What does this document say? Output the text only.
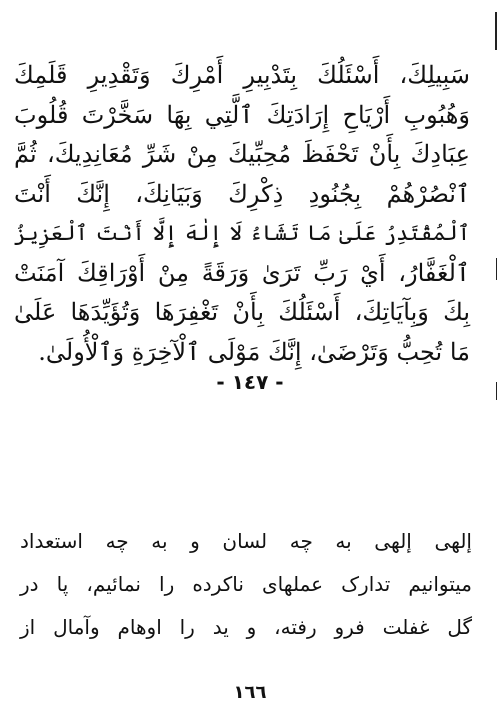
سَبِيلِكَ، أَسْئَلُكَ بِتَدْبِيرِ أَمْرِكَ وَتَقْدِيرِ قَلَمِكَ
وَهُبُوبِ أَرْيَاحِ إِرَادَتِكَ ٱلَّتِي بِهَا سَخَّرْتَ قُلُوبَ
عِبَادِكَ بِأَنْ تَحْفَظَ مُحِبِّيكَ مِنْ شَرِّ مُعَانِدِيكَ، ثُمَّ
ٱنْصُرْهُمْ بِجُنُودِ ذِكْرِكَ وَبَيَانِكَ، إِنَّكَ أَنْتَ
ٱلْمُقْتَدِرُ عَلَىٰ مَا تَشَاءُ لَا إِلٰهَ إِلَّا أَنْتَ ٱلْعَزِيزُ
ٱلْغَفَّارُ، أَيْ رَبِّ تَرَىٰ وَرَقَةً مِنْ أَوْرَاقِكَ آمَنَتْ
بِكَ وَبِآيَاتِكَ، أَسْئَلُكَ بِأَنْ تَغْفِرَهَا وَتُؤَيِّدَهَا عَلَىٰ
مَا تُحِبُّ وَتَرْضَىٰ، إِنَّكَ مَوْلَى ٱلْآخِرَةِ وَٱلْأُولَىٰ.
- ١٤٧ -
إلهی إلهی به چه لسان و به چه استعداد
میتوانیم تدارک عملهای ناکرده را نمائیم، پا در
گل غفلت فرو رفته، و ید را اوهام وآمال از
١٦٦
